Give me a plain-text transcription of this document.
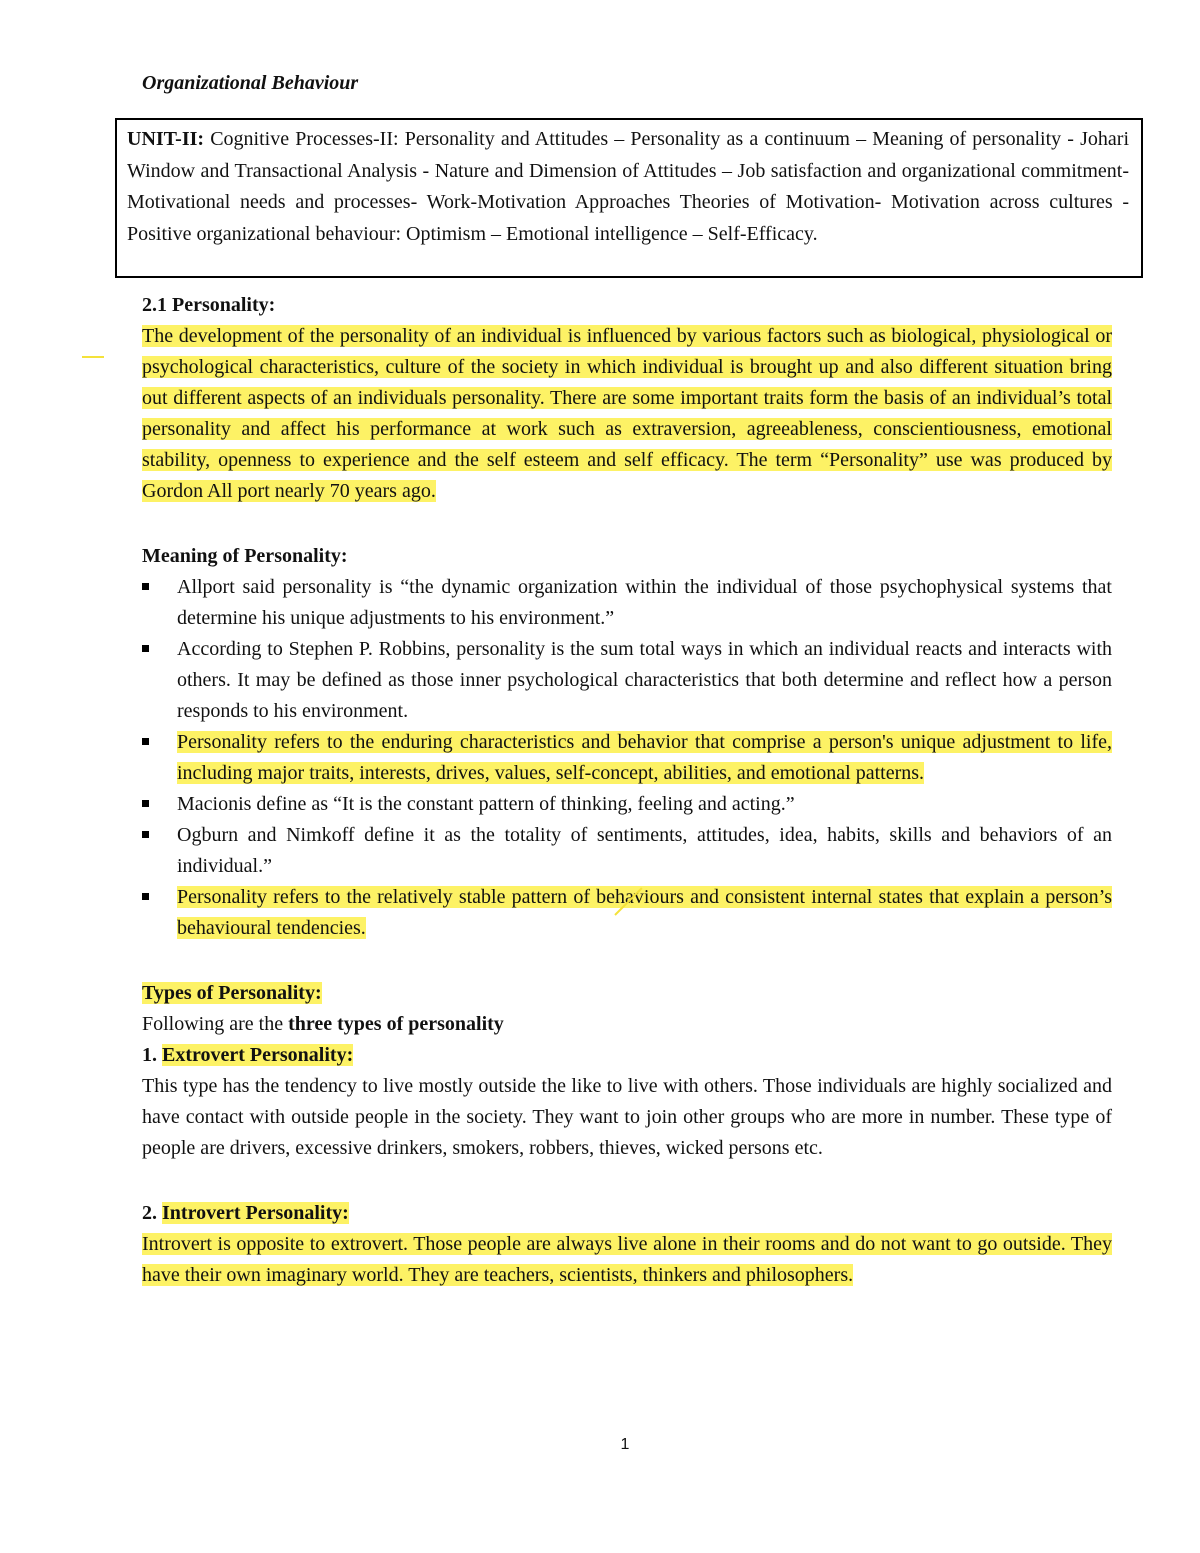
Organizational Behaviour
UNIT-II: Cognitive Processes-II: Personality and Attitudes – Personality as a continuum – Meaning of personality - Johari Window and Transactional Analysis - Nature and Dimension of Attitudes – Job satisfaction and organizational commitment-Motivational needs and processes- Work-Motivation Approaches Theories of Motivation- Motivation across cultures - Positive organizational behaviour: Optimism – Emotional intelligence – Self-Efficacy.
2.1 Personality:
The development of the personality of an individual is influenced by various factors such as biological, physiological or psychological characteristics, culture of the society in which individual is brought up and also different situation bring out different aspects of an individuals personality. There are some important traits form the basis of an individual’s total personality and affect his performance at work such as extraversion, agreeableness, conscientiousness, emotional stability, openness to experience and the self esteem and self efficacy. The term “Personality” use was produced by Gordon All port nearly 70 years ago.
Meaning of Personality:
Allport said personality is “the dynamic organization within the individual of those psychophysical systems that determine his unique adjustments to his environment.”
According to Stephen P. Robbins, personality is the sum total ways in which an individual reacts and interacts with others. It may be defined as those inner psychological characteristics that both determine and reflect how a person responds to his environment.
Personality refers to the enduring characteristics and behavior that comprise a person's unique adjustment to life, including major traits, interests, drives, values, self-concept, abilities, and emotional patterns.
Macionis define as “It is the constant pattern of thinking, feeling and acting.”
Ogburn and Nimkoff define it as the totality of sentiments, attitudes, idea, habits, skills and behaviors of an individual.”
Personality refers to the relatively stable pattern of behaviours and consistent internal states that explain a person’s behavioural tendencies.
Types of Personality:
Following are the three types of personality
1. Extrovert Personality:
This type has the tendency to live mostly outside the like to live with others. Those individuals are highly socialized and have contact with outside people in the society. They want to join other groups who are more in number. These type of people are drivers, excessive drinkers, smokers, robbers, thieves, wicked persons etc.
2. Introvert Personality:
Introvert is opposite to extrovert. Those people are always live alone in their rooms and do not want to go outside. They have their own imaginary world. They are teachers, scientists, thinkers and philosophers.
1
